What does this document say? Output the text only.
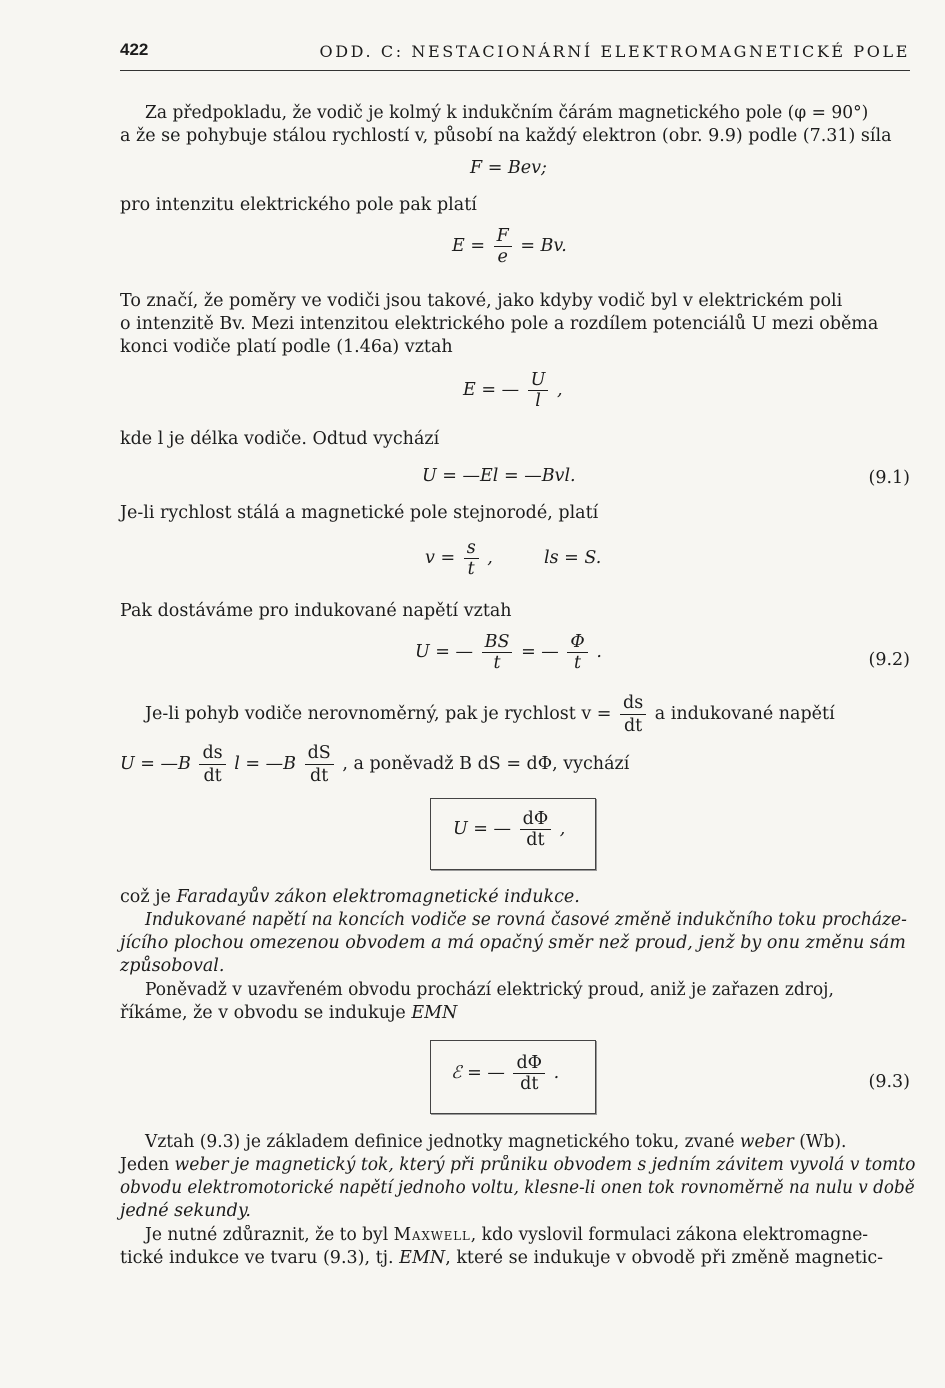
422	ODD. C: NESTACIONÁRNÍ ELEKTROMAGNETICKÉ POLE
Za předpokladu, že vodič je kolmý k indukčním čárám magnetického pole (φ = 90°)
a že se pohybuje stálou rychlostí v, působí na každý elektron (obr. 9.9) podle (7.31) síla
F = Bev;
pro intenzitu elektrického pole pak platí
$E = \frac{F}{e} = Bv$.
To značí, že poměry ve vodiči jsou takové, jako kdyby vodič byl v elektrickém poli
o intenzitě Bv. Mezi intenzitou elektrického pole a rozdílem potenciálů U mezi oběma
konci vodiče platí podle (1.46a) vztah
E = — $\frac{U}{l}$ ,
kde l je délka vodiče. Odtud vychází
U = —El = —Bvl.	(9.1)
Je-li rychlost stálá a magnetické pole stejnorodé, platí
$v = \frac{s}{t}$ ,	ls = S.
Pak dostáváme pro indukované napětí vztah
U = — $\frac{BS}{t}$ = — $\frac{\Phi}{t}$ .	(9.2)
Je-li pohyb vodiče nerovnoměrný, pak je rychlost $v = \frac{ds}{dt}$ a indukované napětí
U = —B $\frac{ds}{dt}$ l = —B $\frac{dS}{dt}$ , a poněvadž B dS = dΦ, vychází
U = — $\frac{d\Phi}{dt}$ ,
což je Faradayův zákon elektromagnetické indukce.
Indukované napětí na koncích vodiče se rovná časové změně indukčního toku procháze-
jícího plochou omezenou obvodem a má opačný směr než proud, jenž by onu změnu sám
způsoboval.
Poněvadž v uzavřeném obvodu prochází elektrický proud, aniž je zařazen zdroj,
říkáme, že v obvodu se indukuje EMN
ℰ = — $\frac{d\Phi}{dt}$ .	(9.3)
Vztah (9.3) je základem definice jednotky magnetického toku, zvané weber (Wb).
Jeden weber je magnetický tok, který při průniku obvodem s jedním závitem vyvolá v tomto
obvodu elektromotorické napětí jednoho voltu, klesne-li onen tok rovnoměrně na nulu v době
jedné sekundy.
Je nutné zdůraznit, že to byl Maxwell, kdo vyslovil formulaci zákona elektromagne-
tické indukce ve tvaru (9.3), tj. EMN, které se indukuje v obvodě při změně magnetic-
